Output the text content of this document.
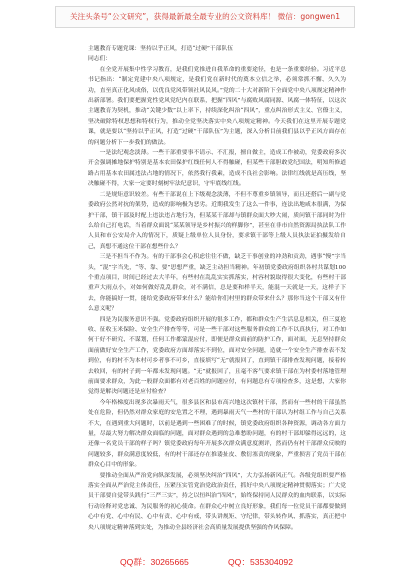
关注头条号“公文研究”，获得最新最全最专业的公文资料库！ 微信：gongwen1
主题教育专题党课：坚持以乎正风，打造“过硬”干部队伍
同志们：

在全党开展集中性学习教育，是我们党推进自我革命的重要途径，也是一条重要经验。习近平总书记指出：“制定党建中央八项规定，是我们党在新时代的奠本立信之举，必须常抓不懈、久久为功，直至真正化风成俗，以优良党风带领社风民风。”党的二十大对新阶下全面党中央八项规定精神作出新部署。我们要把握党性党风党纪内在联系，把握“四风”与腐败风腐同源、风腐一体特征，以这次主题教育为契机，推动“关键少数”以上率下，持续深化纠治“四风”，重点纠治形式主义、官僚主义，坚决破除特权思想和特权行为，推动全党坚决落实中央八项规定精神。今天我们在这里开展专题党课，就是要以“坚持以乎正风，打造“过硬”干部队伍”为主题，深入分析目前我们县以乎正风方面存在的问题分析下一步我们的做法。

一是法纪观念淡薄。一些干部重要事不请示、不汇报，擅自做主，造成工作被动，党委政府多次开会强调摊地保护特别是基本农田保护红线任何人不得触碰，但某些干部胆敢党纪国法，明知所修道路占用基本农田属违法占地的情况下，依然我行我素，造成不良社会影响。法律红线就是高压线，坚决触碰不得，大家一定要时刻树牢法纪意识，守牢底线红线。

二是规矩意识较差。有些干部说在上下级观念淡薄，不但不尊重乡镇领导，而且还搭后一副与党委政府公然对抗的架势，造成的影响极为恶劣。近期我发生了这么一件事，连法出地咸本很满，为保护干部，镇干部及时配上违法违占地行为，但某某干部却与镇群众面大吵大闹，质问镇干部同时为什么给自己打电话，当着群众面说“某某领导是乡村振兴的样脚你”，甚至在非市自然资源局执法队工作人员和市公安局介入的情况下，质疑上级单位人员身份，要求镇干部等上级人员执法证拍摄发给自己，真想不通这位干部在想些什么？

三是不担当不作为。有的干部事会心积虑往往不做，缺乏干事创业的冲劲和贡劲，遇事“慢”字当头，“混”字当先，“等、靠、要”思想严重，缺乏主动担当精神。年初镇党委政府组织各村共谋划100个重点项目，时间已经过去大半年，有些村在乱乱实实抓落实，村容村貌取得很大变化，有些村干部重声大雨点小，对如何做好乱乱群众，对不满信，总是要和样半天，能混一天就是一天，这样子下去，你能搞好一贯，能给党委政府带来什么？能给你们村里的群众带来什么？那你当这个干部又有什么意义呢？

四是为民服务意识不强。党委政府组织开展的很多工作，都和群众生产生活息息相关，但三夏抢收、征收玉米保险、安全生产排查等等，可是一些干部对这些服务群众的工作不以真执行，对工作如何干好不研究、不谋划，任何工作都蒙混应付，即便是群众面前的防护工作，面对面，无息坚持群众面前做好安全生产工作，党委政府方面却落实不到位，面对安全问题，造就一个安全生产排查表不发到位，有的村不为本村可乡者事不可乡，直接填写“无”就报回了，直到镇干部排查发现问题，接着转去收回，有的村子到一年都未发现问题。“无”就报回了，且毫不客气要求镇干部在为村委村落地管理前面要求群众，为此一般群众面都有对老百姓的问题应付，有问题总有专项检查多，这是想，大家你觉得是解决问题还是应付检查？

今年格梯度出现多次暴雨天气，很多县区和县市高兴地这次镇村干部，然而有一些村的干部虽然处在危险，但仍然对群众家庭的安危置之不理，遇到暴雨天气一些村的干部认为村组工作与自己关系不大，在遇到重大问题时，以前是遇到一些困难了的时候，镇党委政府组织各种资源，调动各方面力量，尽最大努力解决群众面临的问题，面对群众遇到的急难愁盼问题，有的村干部却躲得远远的，这还像一名党员干部的样子吗？镇党委政府每年开展多次群众满意度测评，然而仍有村干部群众反映的问题较多，群众满意度较低，有的村干部还存在推诿扯皮、敷衍塞责的现象，严重损害了党员干部在群众心目中的形象。

要推动全面从严治党向纵深发展，必须坚决纠治“四风”，大力弘扬新风正气。各级党组织要严格落实全面从严治党主体责任，压紧压实管党治党政治责任，抓好中央八项规定精神贯彻落实；广大党员干部要自觉带头践行“三严三实”，持之以恒纠治“四风”，始终保持同人民群众的血肉联系，以实际行动诠释对党忠诚、为民服务的初心使命。在群众心中树立良好形象，我们每一位党员干部都要做到心中有党、心中有民、心中有责、心中有戒，带头讲规矩、守纪律，带头转作风、抓落实，真正把中央八项规定精神落到实处，为推动全县经济社会高质量发展提供坚强的作风保障。

QQ群：30265665	QQ：535304092
